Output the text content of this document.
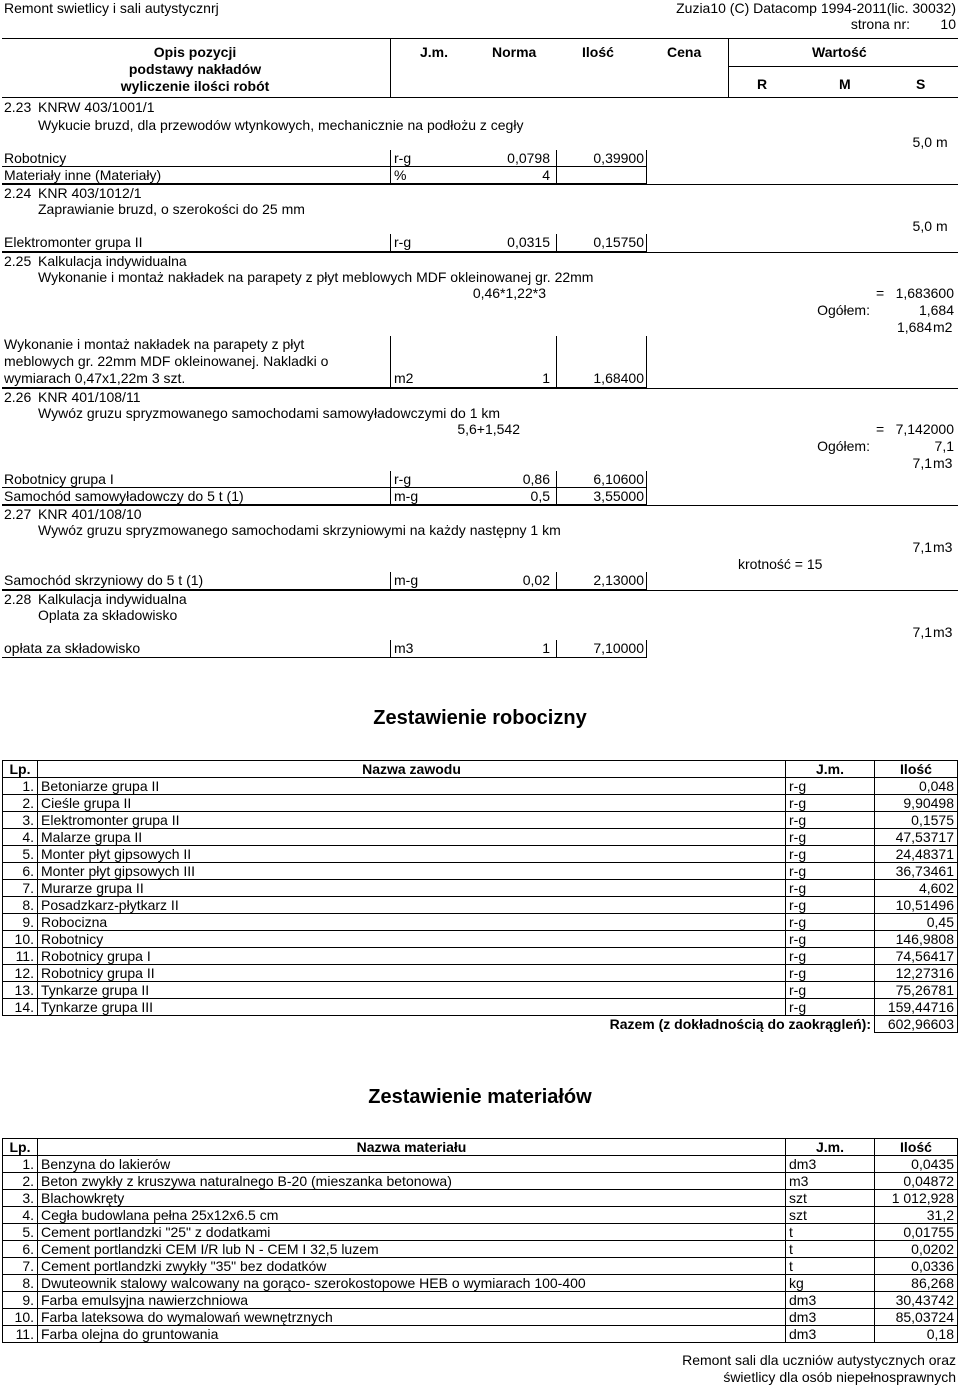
Remont swietlicy i sali autystycznrj	Zuzia10 (C) Datacomp 1994-2011(lic. 30032)
strona nr: 10
Opis pozycji
podstawy nakładów
wyliczenie ilości robót
J.m.	Norma	Ilość	Cena	Wartość
R	M	S
2.23 KNRW 403/1001/1
Wykucie bruzd, dla przewodów wtynkowych, mechanicznie na podłożu z cegły
5,0 m
Robotnicy	r-g	0,0798	0,39900
Materiały inne (Materiały)	%	4
2.24 KNR 403/1012/1
Zaprawianie bruzd, o szerokości do 25 mm
5,0 m
Elektromonter grupa II	r-g	0,0315	0,15750
2.25 Kalkulacja indywidualna
Wykonanie i montaż nakładek na parapety z płyt meblowych MDF okleinowanej gr. 22mm
0,46*1,22*3	= 1,683600
Ogółem:	1,684
1,684 m2
Wykonanie i montaż nakładek na parapety z płyt
meblowych gr. 22mm MDF okleinowanej. Nakladki o
wymiarach 0,47x1,22m 3 szt.	m2	1	1,68400
2.26 KNR 401/108/11
Wywóz gruzu spryzmowanego samochodami samowyładowczymi do 1 km
5,6+1,542	= 7,142000
Ogółem:	7,1
7,1 m3
Robotnicy grupa I	r-g	0,86	6,10600
Samochód samowyładowczy do 5 t (1)	m-g	0,5	3,55000
2.27 KNR 401/108/10
Wywóz gruzu spryzmowanego samochodami skrzyniowymi na każdy następny 1 km
7,1 m3
krotność = 15
Samochód skrzyniowy do 5 t (1)	m-g	0,02	2,13000
2.28 Kalkulacja indywidualna
Oplata za składowisko
7,1 m3
opłata za składowisko	m3	1	7,10000
Zestawienie robocizny
Lp.	Nazwa zawodu	J.m.	Ilość
1.	Betoniarze grupa II	r-g	0,048
2.	Cieśle grupa II	r-g	9,90498
3.	Elektromonter grupa II	r-g	0,1575
4.	Malarze grupa II	r-g	47,53717
5.	Monter płyt gipsowych II	r-g	24,48371
6.	Monter płyt gipsowych III	r-g	36,73461
7.	Murarze grupa II	r-g	4,602
8.	Posadzkarz-płytkarz II	r-g	10,51496
9.	Robocizna	r-g	0,45
10.	Robotnicy	r-g	146,9808
11.	Robotnicy grupa I	r-g	74,56417
12.	Robotnicy grupa II	r-g	12,27316
13.	Tynkarze grupa II	r-g	75,26781
14.	Tynkarze grupa III	r-g	159,44716
Razem (z dokładnością do zaokrągleń):			602,96603
Zestawienie materiałów
Lp.	Nazwa materiału	J.m.	Ilość
1.	Benzyna do lakierów	dm3	0,0435
2.	Beton zwykły z kruszywa naturalnego B-20 (mieszanka betonowa)	m3	0,04872
3.	Blachowkręty	szt	1 012,928
4.	Cegła budowlana pełna 25x12x6.5 cm	szt	31,2
5.	Cement portlandzki "25" z dodatkami	t	0,01755
6.	Cement portlandzki CEM I/R lub N - CEM I 32,5 luzem	t	0,0202
7.	Cement portlandzki zwykły "35" bez dodatków	t	0,0336
8.	Dwuteownik stalowy walcowany na gorąco- szerokostopowe HEB o wymiarach 100-400	kg	86,268
9.	Farba emulsyjna nawierzchniowa	dm3	30,43742
10.	Farba lateksowa do wymalowań wewnętrznych	dm3	85,03724
11.	Farba olejna do gruntowania	dm3	0,18
Remont sali dla uczniów autystycznych oraz
świetlicy dla osób niepełnosprawnych
